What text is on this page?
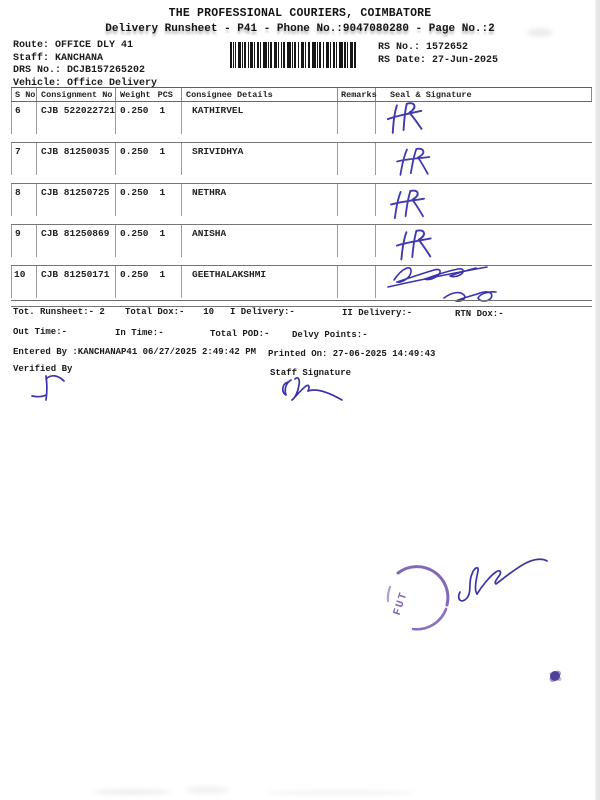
THE PROFESSIONAL COURIERS, COIMBATORE
Delivery Runsheet - P41 - Phone No.:9047080280 - Page No.:2
Route: OFFICE DLY 41
Staff: KANCHANA
DRS No.: DCJB157265202
Vehicle: Office Delivery
RS No.: 1572652
RS Date: 27-Jun-2025
S No Consignment No Weight PCS	Consignee Details	Remarks	Seal & Signature
6	CJB 522022721 0.250 1	KATHIRVEL
7	CJB 81250035	0.250 1	SRIVIDHYA
8	CJB 81250725	0.250 1	NETHRA
9	CJB 81250869	0.250 1	ANISHA
10	CJB 81250171	0.250 1	GEETHALAKSHMI
Tot. Runsheet:- 2 Total Dox:- 10 I Delivery:-	II Delivery:-	RTN Dox:-
Out Time:-	In Time:-	Total POD:-	Delvy Points:-
Entered By :KANCHANAP41 06/27/2025 2:49:42 PM Printed On: 27-06-2025 14:49:43
Verified By	Staff Signature
FUT
